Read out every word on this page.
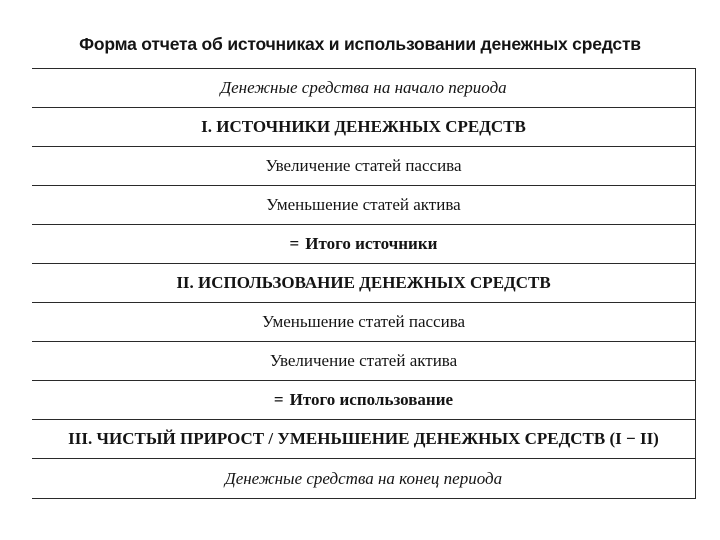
Форма отчета об источниках и использовании денежных средств
Денежные средства на начало периода
I. ИСТОЧНИКИ ДЕНЕЖНЫХ СРЕДСТВ
Увеличение статей пассива
Уменьшение статей актива
= Итого источники
II. ИСПОЛЬЗОВАНИЕ ДЕНЕЖНЫХ СРЕДСТВ
Уменьшение статей пассива
Увеличение статей актива
= Итого использование
III. ЧИСТЫЙ ПРИРОСТ / УМЕНЬШЕНИЕ ДЕНЕЖНЫХ СРЕДСТВ (I − II)
Денежные средства на конец периода
